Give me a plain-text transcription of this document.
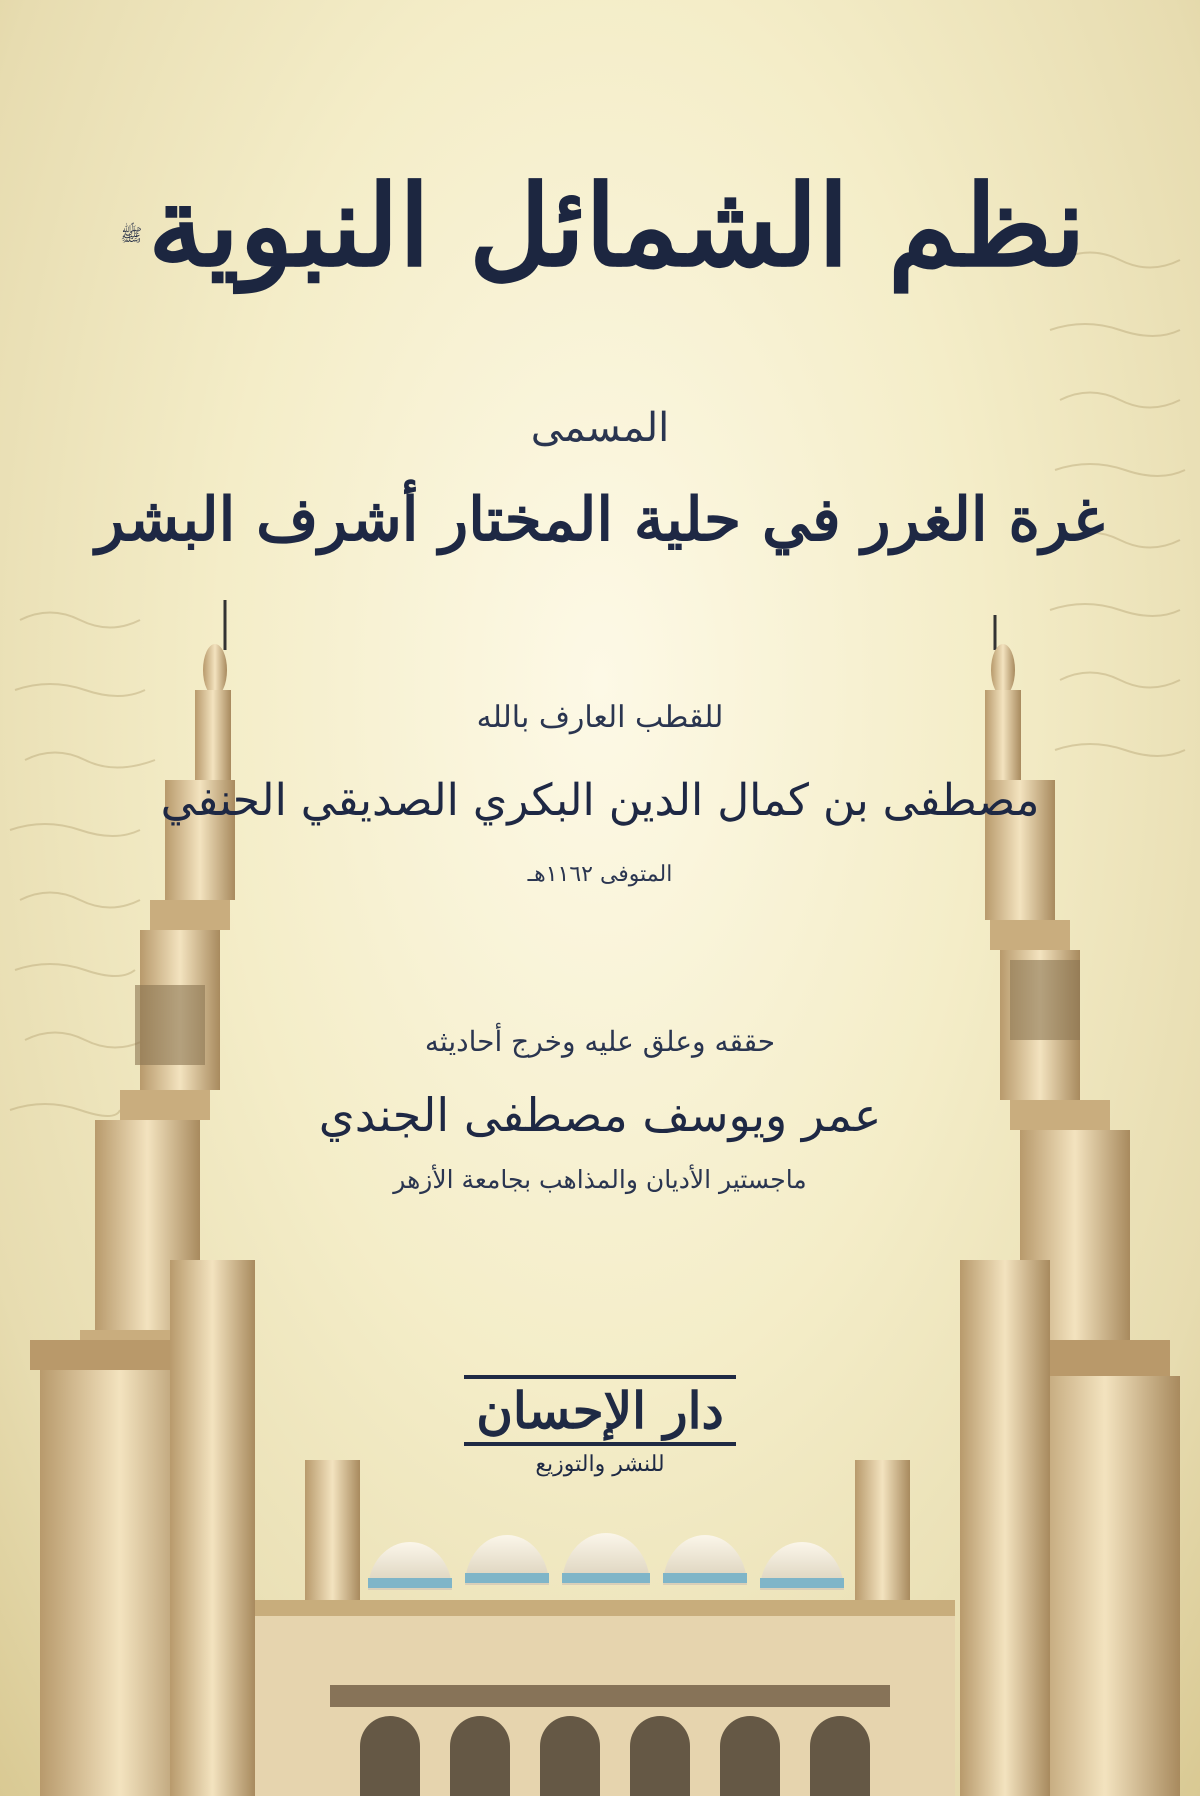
نظم الشمائل النبويةﷺ
المسمى
غرة الغرر في حلية المختار أشرف البشر
للقطب العارف بالله
مصطفى بن كمال الدين البكري الصديقي الحنفي
المتوفى ١١٦٢هـ
حققه وعلق عليه وخرج أحاديثه
عمر ويوسف مصطفى الجندي
ماجستير الأديان والمذاهب بجامعة الأزهر
دار الإحسان
للنشر والتوزيع
